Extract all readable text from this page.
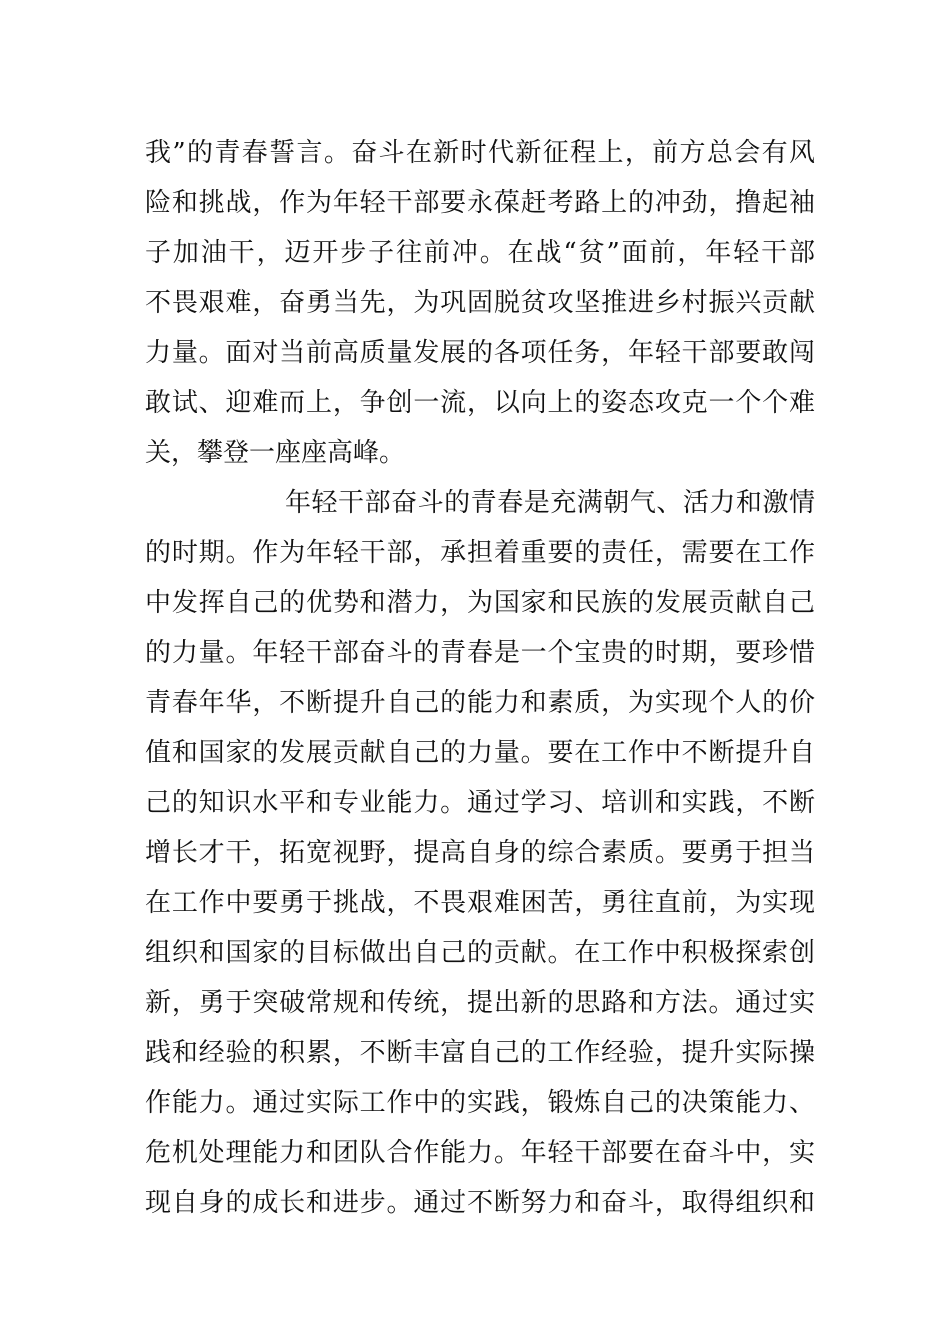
我”的青春誓言。奋斗在新时代新征程上，前方总会有风
险和挑战，作为年轻干部要永葆赶考路上的冲劲，撸起袖
子加油干，迈开步子往前冲。在战“贫”面前，年轻干部
不畏艰难，奋勇当先，为巩固脱贫攻坚推进乡村振兴贡献
力量。面对当前高质量发展的各项任务，年轻干部要敢闯
敢试、迎难而上，争创一流，以向上的姿态攻克一个个难
关，攀登一座座高峰。
年轻干部奋斗的青春是充满朝气、活力和激情
的时期。作为年轻干部，承担着重要的责任，需要在工作
中发挥自己的优势和潜力，为国家和民族的发展贡献自己
的力量。年轻干部奋斗的青春是一个宝贵的时期，要珍惜
青春年华，不断提升自己的能力和素质，为实现个人的价
值和国家的发展贡献自己的力量。要在工作中不断提升自
己的知识水平和专业能力。通过学习、培训和实践，不断
增长才干，拓宽视野，提高自身的综合素质。要勇于担当
在工作中要勇于挑战，不畏艰难困苦，勇往直前，为实现
组织和国家的目标做出自己的贡献。在工作中积极探索创
新，勇于突破常规和传统，提出新的思路和方法。通过实
践和经验的积累，不断丰富自己的工作经验，提升实际操
作能力。通过实际工作中的实践，锻炼自己的决策能力、
危机处理能力和团队合作能力。年轻干部要在奋斗中，实
现自身的成长和进步。通过不断努力和奋斗，取得组织和
